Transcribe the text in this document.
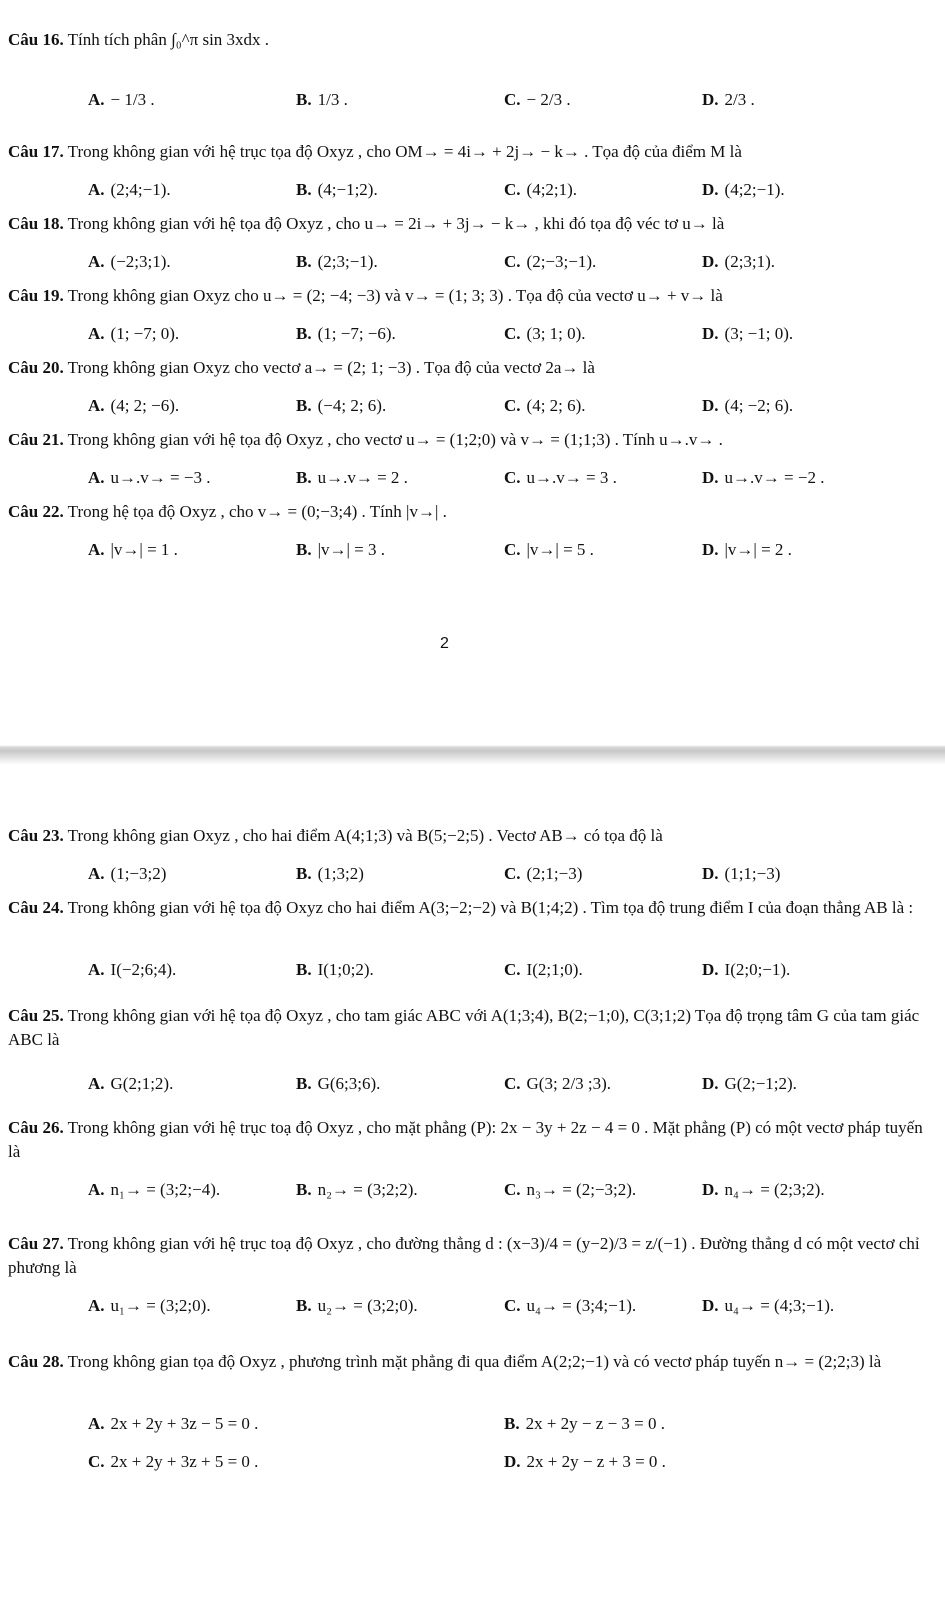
Câu 16. Tính tích phân ∫₀^π sin 3xdx .
A. − 1/3 .	B. 1/3 .	C. − 2/3 .	D. 2/3 .
Câu 17. Trong không gian với hệ trục tọa độ Oxyz , cho OM→ = 4i→ + 2j→ − k→ . Tọa độ của điểm M là
A. (2;4;−1).	B. (4;−1;2).	C. (4;2;1).	D. (4;2;−1).
Câu 18. Trong không gian với hệ tọa độ Oxyz , cho u→ = 2i→ + 3j→ − k→ , khi đó tọa độ véc tơ u→ là
A. (−2;3;1).	B. (2;3;−1).	C. (2;−3;−1).	D. (2;3;1).
Câu 19. Trong không gian Oxyz cho u→ = (2; −4; −3) và v→ = (1; 3; 3) . Tọa độ của vectơ u→ + v→ là
A. (1; −7; 0).	B. (1; −7; −6).	C. (3; 1; 0).	D. (3; −1; 0).
Câu 20. Trong không gian Oxyz cho vectơ a→ = (2; 1; −3) . Tọa độ của vectơ 2a→ là
A. (4; 2; −6).	B. (−4; 2; 6).	C. (4; 2; 6).	D. (4; −2; 6).
Câu 21. Trong không gian với hệ tọa độ Oxyz , cho vectơ u→ = (1;2;0) và v→ = (1;1;3) . Tính u→.v→ .
A. u→.v→ = −3 .	B. u→.v→ = 2 .	C. u→.v→ = 3 .	D. u→.v→ = −2 .
Câu 22. Trong hệ tọa độ Oxyz , cho v→ = (0;−3;4) . Tính |v→| .
A. |v→| = 1 .	B. |v→| = 3 .	C. |v→| = 5 .	D. |v→| = 2 .
Câu 23. Trong không gian Oxyz , cho hai điểm A(4;1;3) và B(5;−2;5) . Vectơ AB→ có tọa độ là
A. (1;−3;2)	B. (1;3;2)	C. (2;1;−3)	D. (1;1;−3)
Câu 24. Trong không gian với hệ tọa độ Oxyz cho hai điểm A(3;−2;−2) và B(1;4;2) . Tìm tọa độ trung điểm I của đoạn thẳng AB là :
A. I(−2;6;4).	B. I(1;0;2).	C. I(2;1;0).	D. I(2;0;−1).
Câu 25. Trong không gian với hệ tọa độ Oxyz , cho tam giác ABC với A(1;3;4), B(2;−1;0), C(3;1;2) Tọa độ trọng tâm G của tam giác ABC là
A. G(2;1;2).	B. G(6;3;6).	C. G(3; 2/3 ;3).	D. G(2;−1;2).
Câu 26. Trong không gian với hệ trục toạ độ Oxyz , cho mặt phẳng (P): 2x − 3y + 2z − 4 = 0 . Mặt phẳng (P) có một vectơ pháp tuyến là
A. n₁→ = (3;2;−4).	B. n₂→ = (3;2;2).	C. n₃→ = (2;−3;2).	D. n₄→ = (2;3;2).
Câu 27. Trong không gian với hệ trục toạ độ Oxyz , cho đường thẳng d : (x−3)/4 = (y−2)/3 = z/(−1) . Đường thẳng d có một vectơ chỉ phương là
A. u₁→ = (3;2;0).	B. u₂→ = (3;2;0).	C. u₄→ = (3;4;−1).	D. u₄→ = (4;3;−1).
Câu 28. Trong không gian tọa độ Oxyz , phương trình mặt phẳng đi qua điểm A(2;2;−1) và có vectơ pháp tuyến n→ = (2;2;3) là
A. 2x + 2y + 3z − 5 = 0 .	B. 2x + 2y − z − 3 = 0 .
C. 2x + 2y + 3z + 5 = 0 .	D. 2x + 2y − z + 3 = 0 .
2
